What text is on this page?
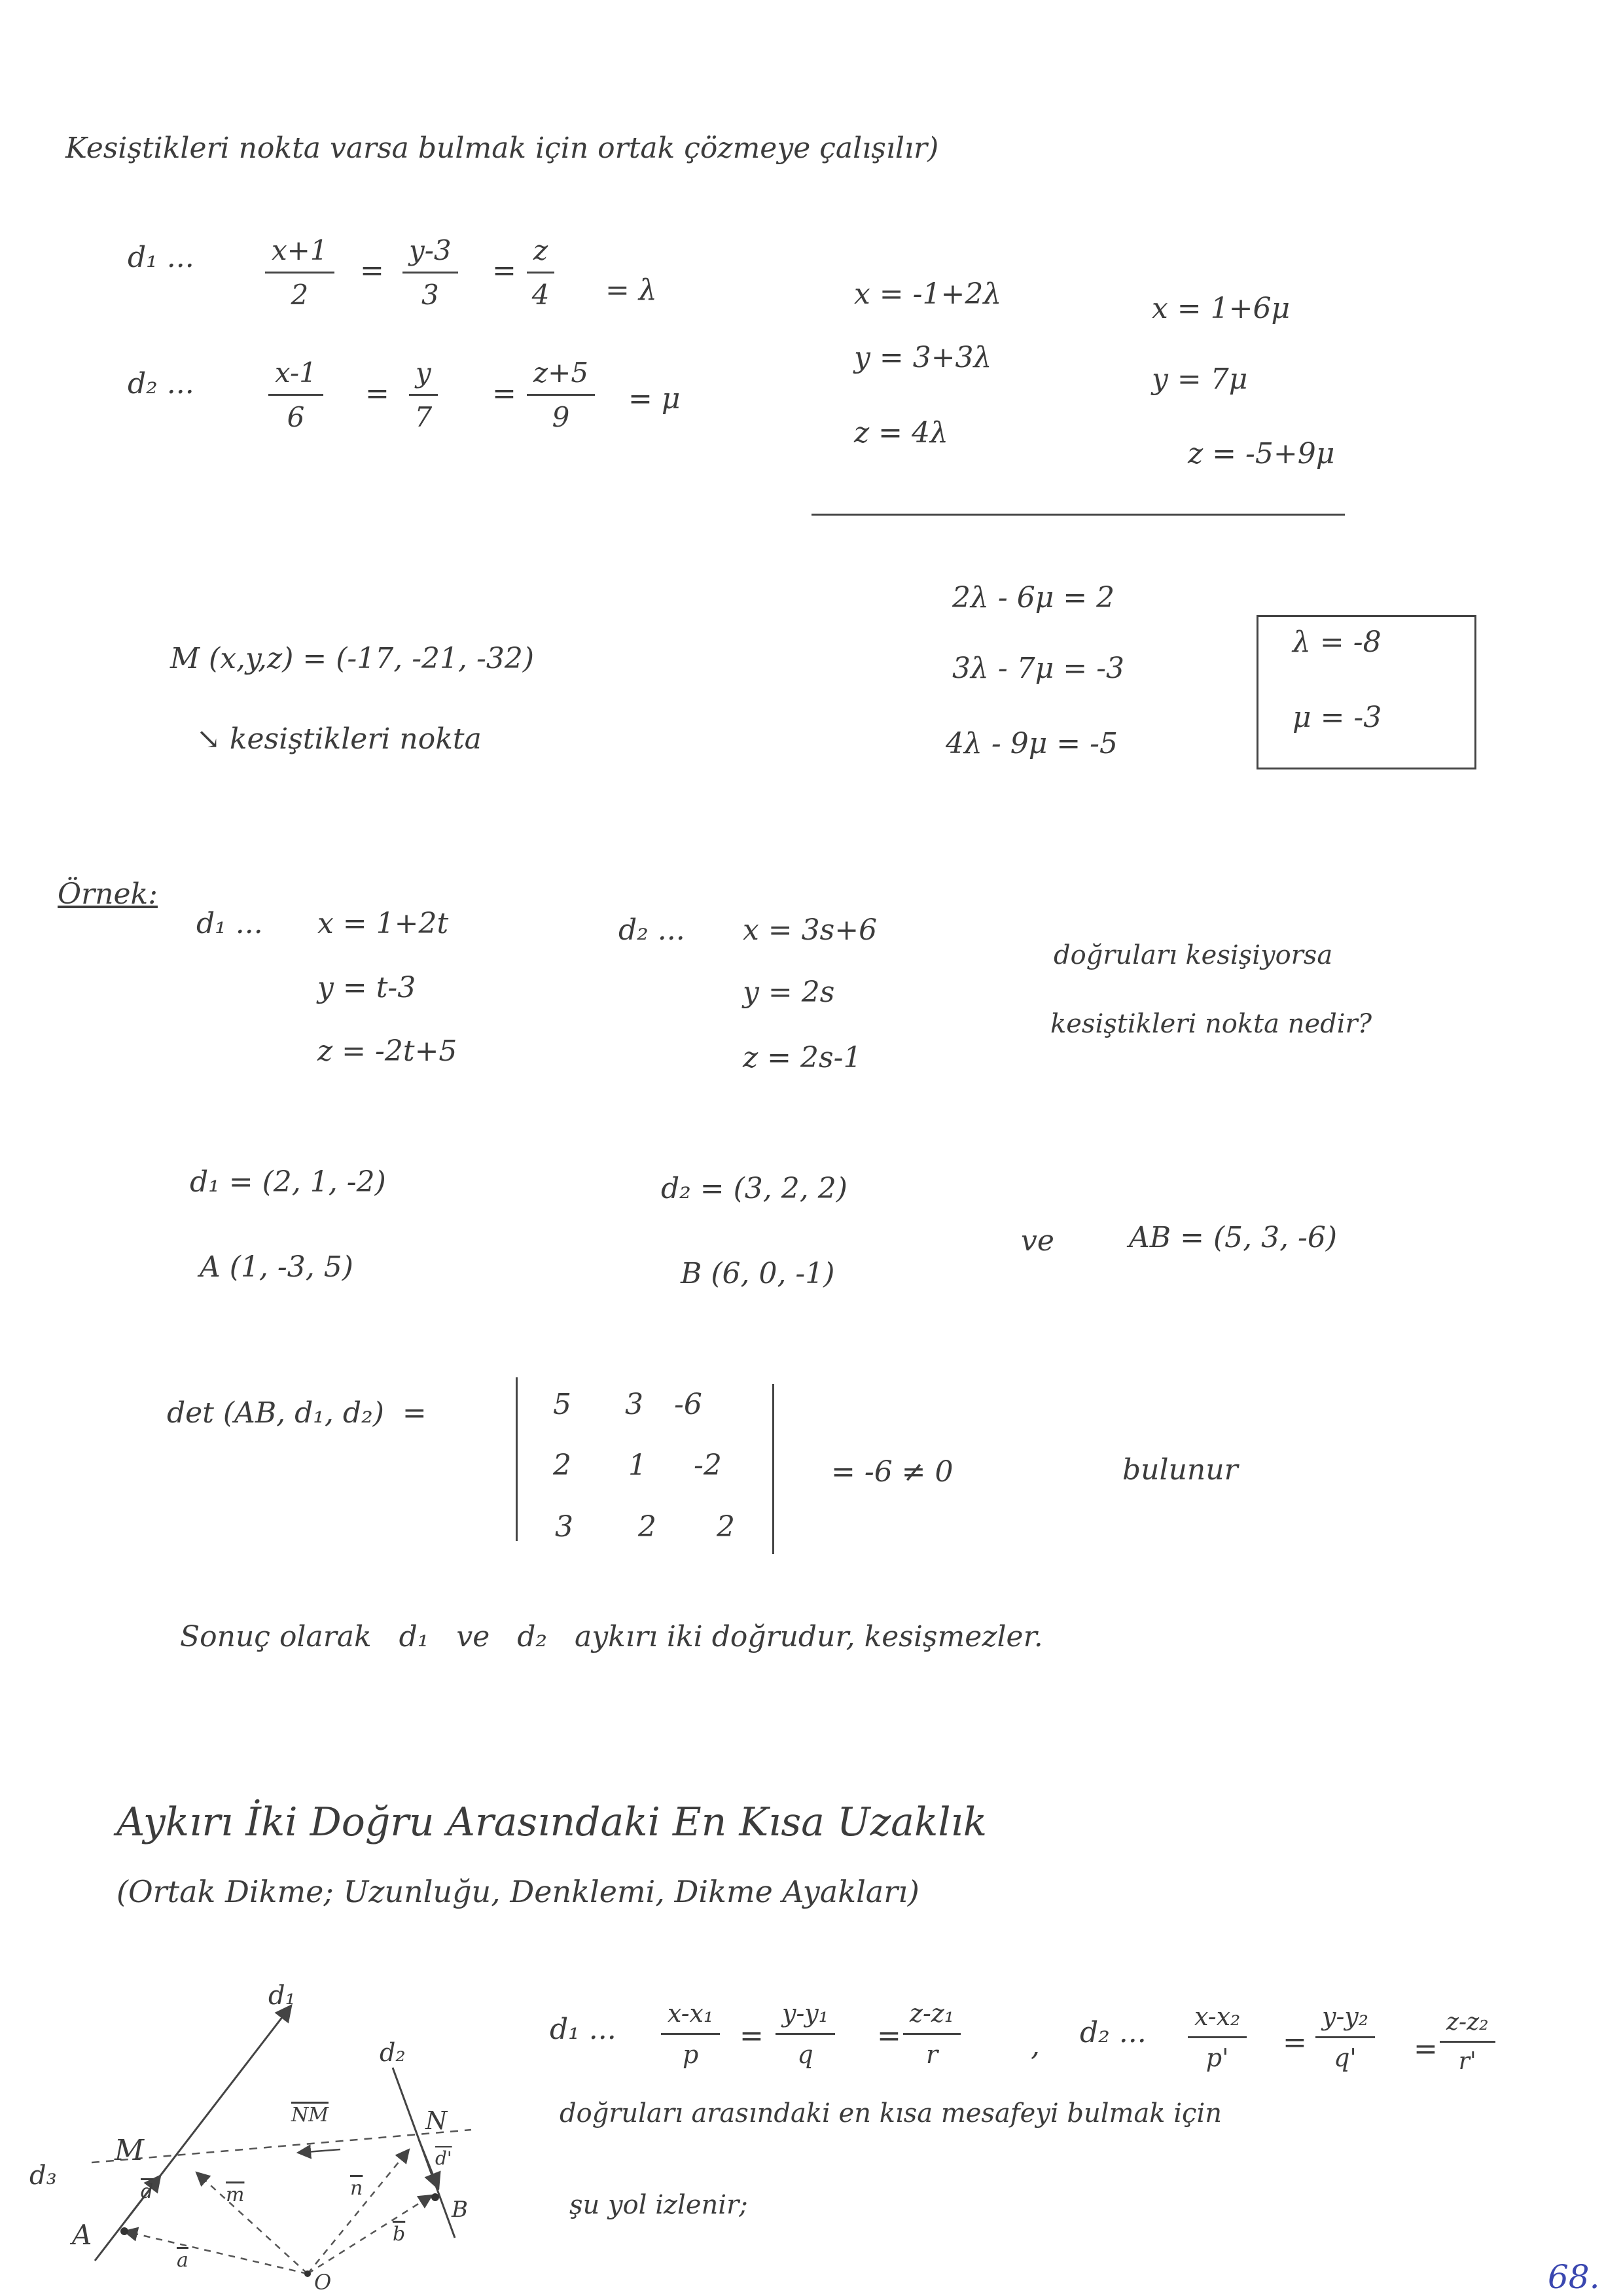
Kesiştikleri nokta varsa bulmak için ortak çözmeye çalışılır)
d₁ ...	$\frac{x+1}{2} = \frac{y-3}{3} = \frac{z}{4} = \lambda$
d₂ ...	$\frac{x-1}{6} = \frac{y}{7} = \frac{z+5}{9} = \mu$
x = -1+2λ
y = 3+3λ
z = 4λ
x = 1+6μ
y = 7μ
z = -5+9μ
2λ - 6μ = 2
3λ - 7μ = -3
4λ - 9μ = -5
λ = -8
μ = -3
M (x,y,z) = (-17, -21, -32)
↘ kesiştikleri nokta
Örnek:
d₁ ... x = 1+2t
y = t-3
z = -2t+5
d₂ ... x = 3s+6
y = 2s
z = 2s-1
doğruları kesişiyorsa
kesiştikleri nokta nedir?
d₁ = (2, 1, -2)	d₂ = (3, 2, 2)
A (1, -3, 5)	B (6, 0, -1)
ve	AB = (5, 3, -6)
det (AB, d₁, d₂)  =	5 3 -6
2 1 -2
3 2 2
= -6 ≠ 0	bulunur
Sonuç olarak   d₁   ve   d₂   aykırı iki doğrudur, kesişmezler.
Aykırı İki Doğru Arasındaki En Kısa Uzaklık
(Ortak Dikme; Uzunluğu, Denklemi, Dikme Ayakları)
d₁ ... $\frac{\text{x-x₁}}{p} = \frac{\text{y-y₁}}{q} = \frac{\text{z-z₁}}{r}$ , d₂ ... $\frac{\text{x-x₂}}{p'} = \frac{\text{y-y₂}}{q'} = \frac{\text{z-z₂}}{r'}$
doğruları arasındaki en kısa mesafeyi bulmak için
şu yol izlenir;
d₁
d₂
d₃
M
N
A
B
O
$\overline{NM}$
$\overline{d}$
$\overline{a}$
$\overline{m}$	$\overline{n}$
$\overline{b}$
d'
68.
